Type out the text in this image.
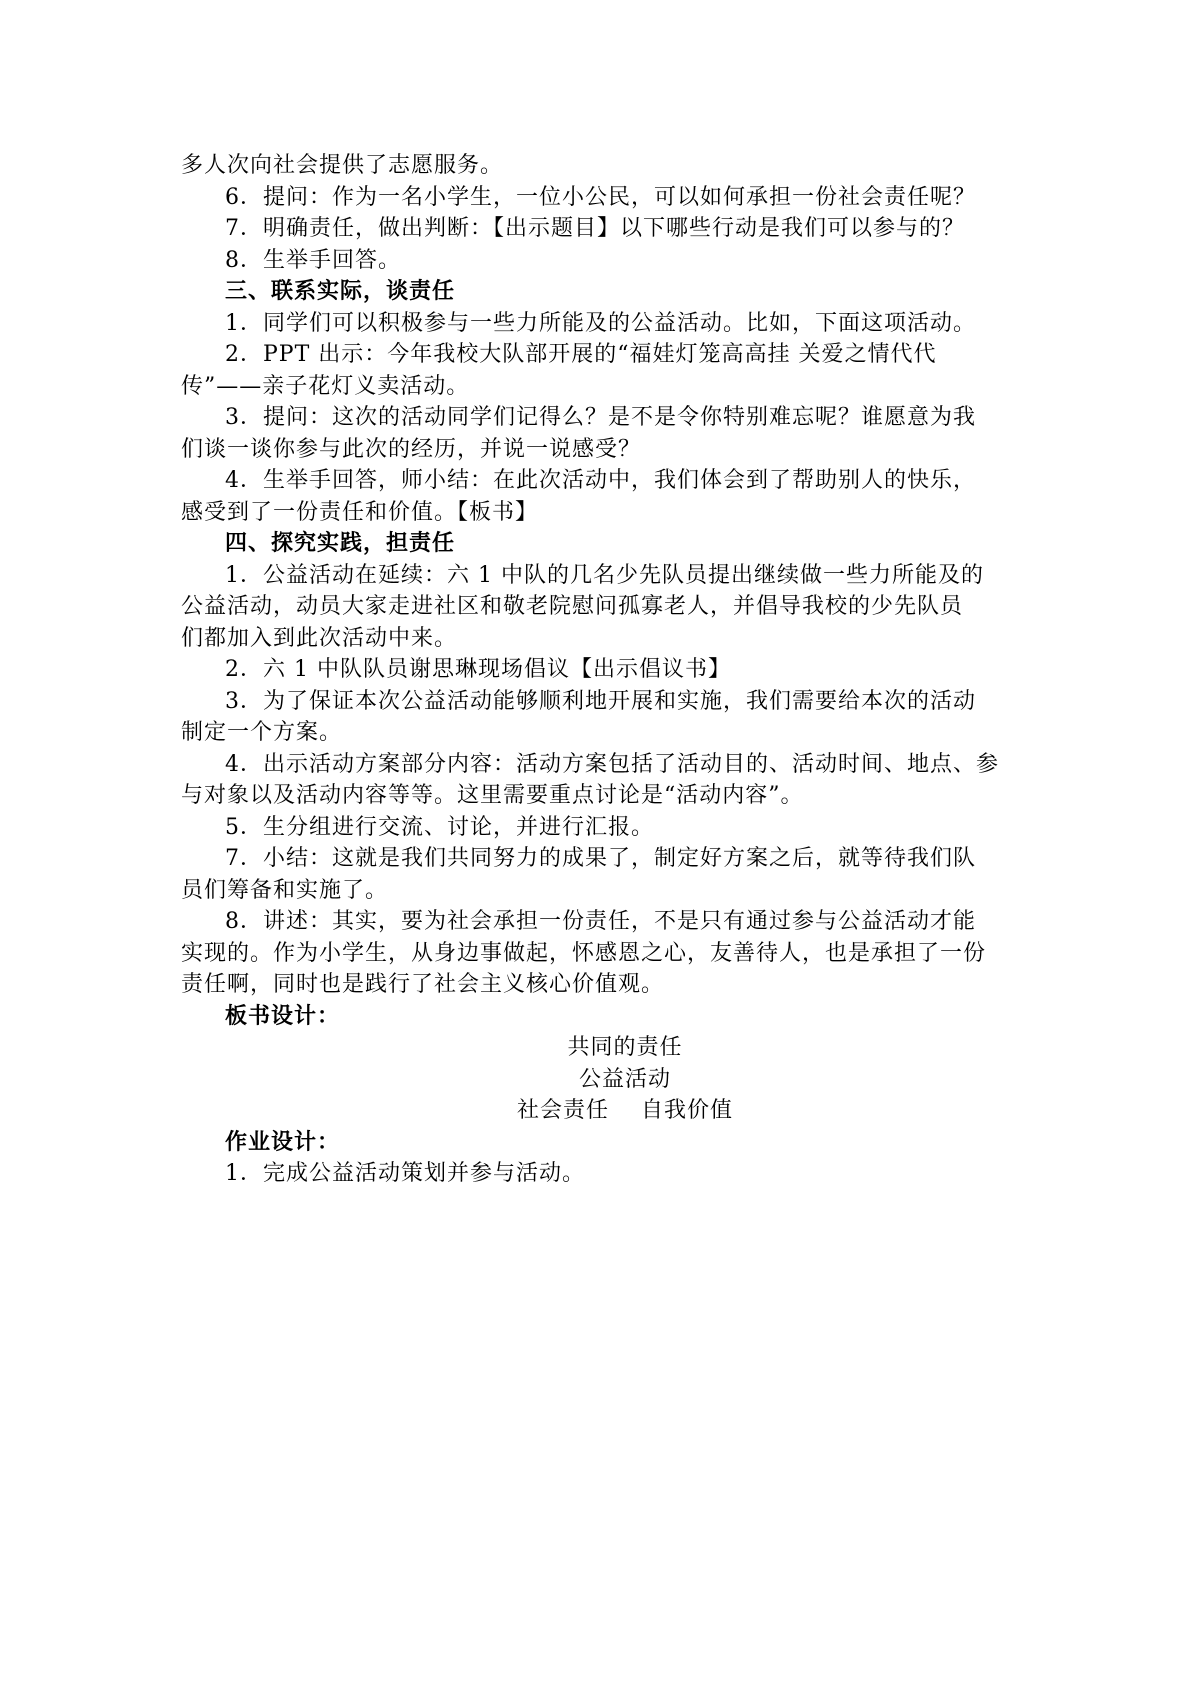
多人次向社会提供了志愿服务。
6．提问：作为一名小学生，一位小公民，可以如何承担一份社会责任呢？
7．明确责任，做出判断：【出示题目】以下哪些行动是我们可以参与的？
8．生举手回答。
三、联系实际，谈责任
1．同学们可以积极参与一些力所能及的公益活动。比如，下面这项活动。
2．PPT 出示：今年我校大队部开展的“福娃灯笼高高挂 关爱之情代代
传”——亲子花灯义卖活动。
3．提问：这次的活动同学们记得么？是不是令你特别难忘呢？谁愿意为我
们谈一谈你参与此次的经历，并说一说感受？
4．生举手回答，师小结：在此次活动中，我们体会到了帮助别人的快乐，
感受到了一份责任和价值。【板书】
四、探究实践，担责任
1．公益活动在延续：六 1 中队的几名少先队员提出继续做一些力所能及的
公益活动，动员大家走进社区和敬老院慰问孤寡老人，并倡导我校的少先队员
们都加入到此次活动中来。
2．六 1 中队队员谢思琳现场倡议【出示倡议书】
3．为了保证本次公益活动能够顺利地开展和实施，我们需要给本次的活动
制定一个方案。
4．出示活动方案部分内容：活动方案包括了活动目的、活动时间、地点、参
与对象以及活动内容等等。这里需要重点讨论是“活动内容”。
5．生分组进行交流、讨论，并进行汇报。
7．小结：这就是我们共同努力的成果了，制定好方案之后，就等待我们队
员们筹备和实施了。
8．讲述：其实，要为社会承担一份责任，不是只有通过参与公益活动才能
实现的。作为小学生，从身边事做起，怀感恩之心，友善待人，也是承担了一份
责任啊，同时也是践行了社会主义核心价值观。
板书设计：
共同的责任
公益活动
社会责任    自我价值
作业设计：
1．完成公益活动策划并参与活动。
